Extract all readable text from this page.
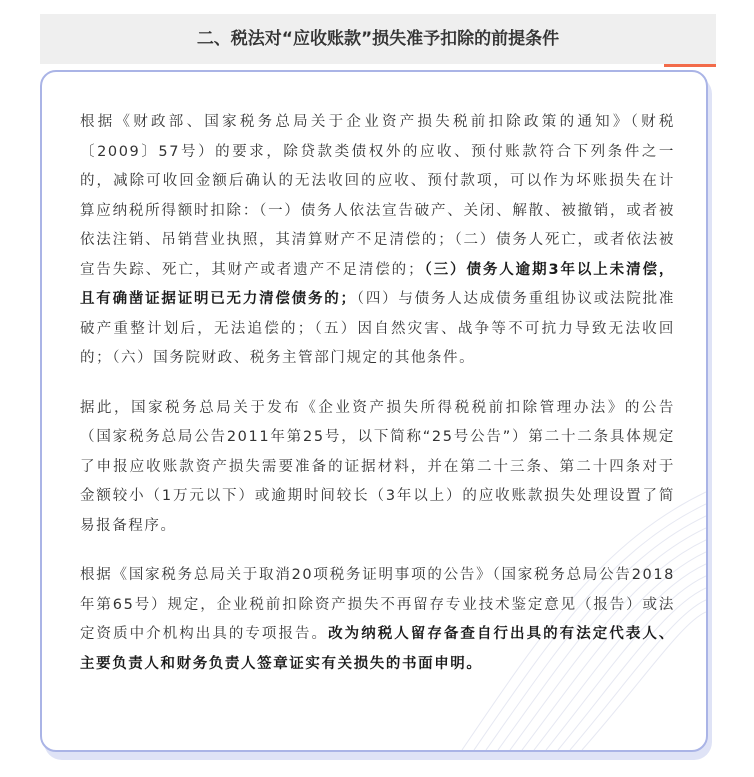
二、税法对“应收账款”损失准予扣除的前提条件

根据《财政部、国家税务总局关于企业资产损失税前扣除政策的通知》（财税〔2009〕57号）的要求，除贷款类债权外的应收、预付账款符合下列条件之一的，减除可收回金额后确认的无法收回的应收、预付款项，可以作为坏账损失在计算应纳税所得额时扣除：（一）债务人依法宣告破产、关闭、解散、被撤销，或者被依法注销、吊销营业执照，其清算财产不足清偿的；（二）债务人死亡，或者依法被宣告失踪、死亡，其财产或者遗产不足清偿的；（三）债务人逾期3年以上未清偿，且有确凿证据证明已无力清偿债务的；（四）与债务人达成债务重组协议或法院批准破产重整计划后，无法追偿的；（五）因自然灾害、战争等不可抗力导致无法收回的；（六）国务院财政、税务主管部门规定的其他条件。

据此，国家税务总局关于发布《企业资产损失所得税税前扣除管理办法》的公告（国家税务总局公告2011年第25号，以下简称“25号公告”）第二十二条具体规定了申报应收账款资产损失需要准备的证据材料，并在第二十三条、第二十四条对于金额较小（1万元以下）或逾期时间较长（3年以上）的应收账款损失处理设置了简易报备程序。

根据《国家税务总局关于取消20项税务证明事项的公告》（国家税务总局公告2018年第65号）规定，企业税前扣除资产损失不再留存专业技术鉴定意见（报告）或法定资质中介机构出具的专项报告。改为纳税人留存备查自行出具的有法定代表人、主要负责人和财务负责人签章证实有关损失的书面申明。
